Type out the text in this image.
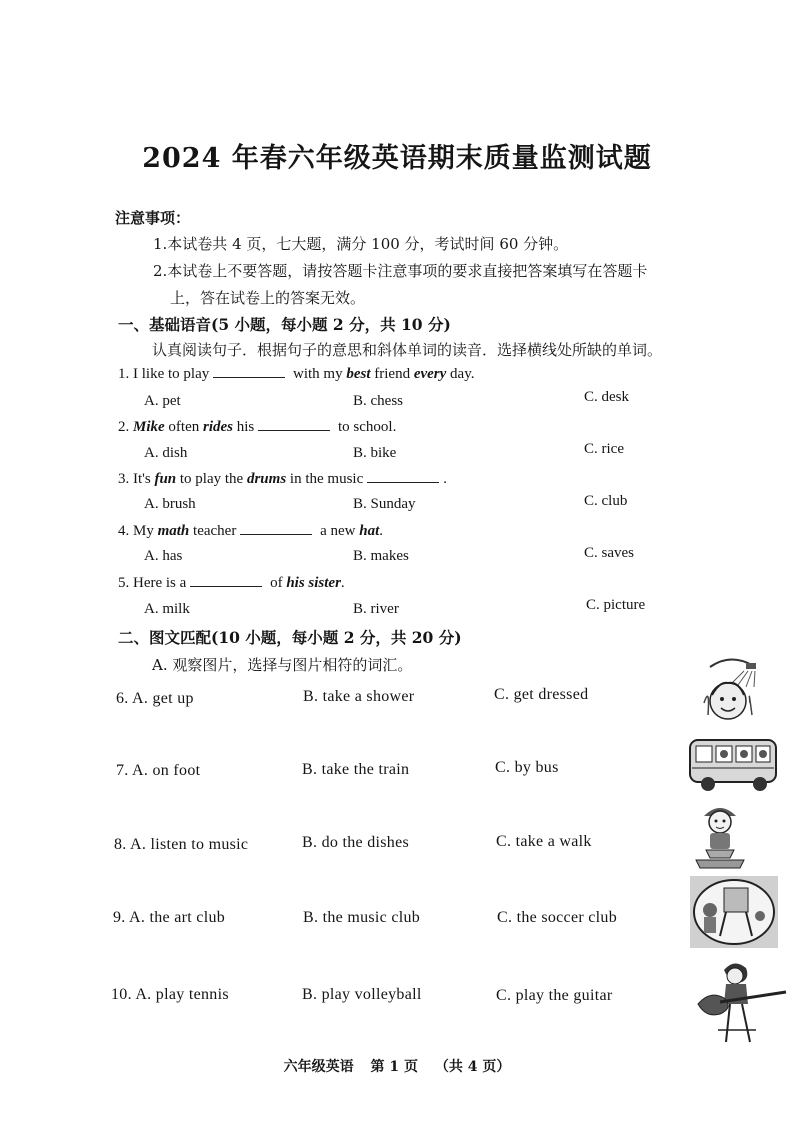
2024 年春六年级英语期末质量监测试题
注意事项：
1.本试卷共 4 页，七大题，满分 100 分，考试时间 60 分钟。
2.本试卷上不要答题，请按答题卡注意事项的要求直接把答案填写在答题卡
上，答在试卷上的答案无效。
一、基础语音(5 小题，每小题 2 分，共 10 分)
认真阅读句子．根据句子的意思和斜体单词的读音．选择横线处所缺的单词。
1. I like to play	with my best friend every day.
A. pet	B. chess	C. desk
2. Mike often rides his	to school.
A. dish	B. bike	C. rice
3. It's fun to play the drums in the music	.
A. brush	B. Sunday	C. club
4. My math teacher	a new hat.
A. has	B. makes	C. saves
5. Here is a	of his sister.
A. milk	B. river	C. picture
二、图文匹配(10 小题，每小题 2 分，共 20 分)
A. 观察图片，选择与图片相符的词汇。
6. A. get up	B. take a shower	C. get dressed
7. A. on foot	B. take the train	C. by bus
8. A. listen to music	B. do the dishes	C. take a walk
9. A. the art club	B. the music club	C. the soccer club
10. A. play tennis	B. play volleyball	C. play the guitar
六年级英语 第 1 页 （共 4 页）
